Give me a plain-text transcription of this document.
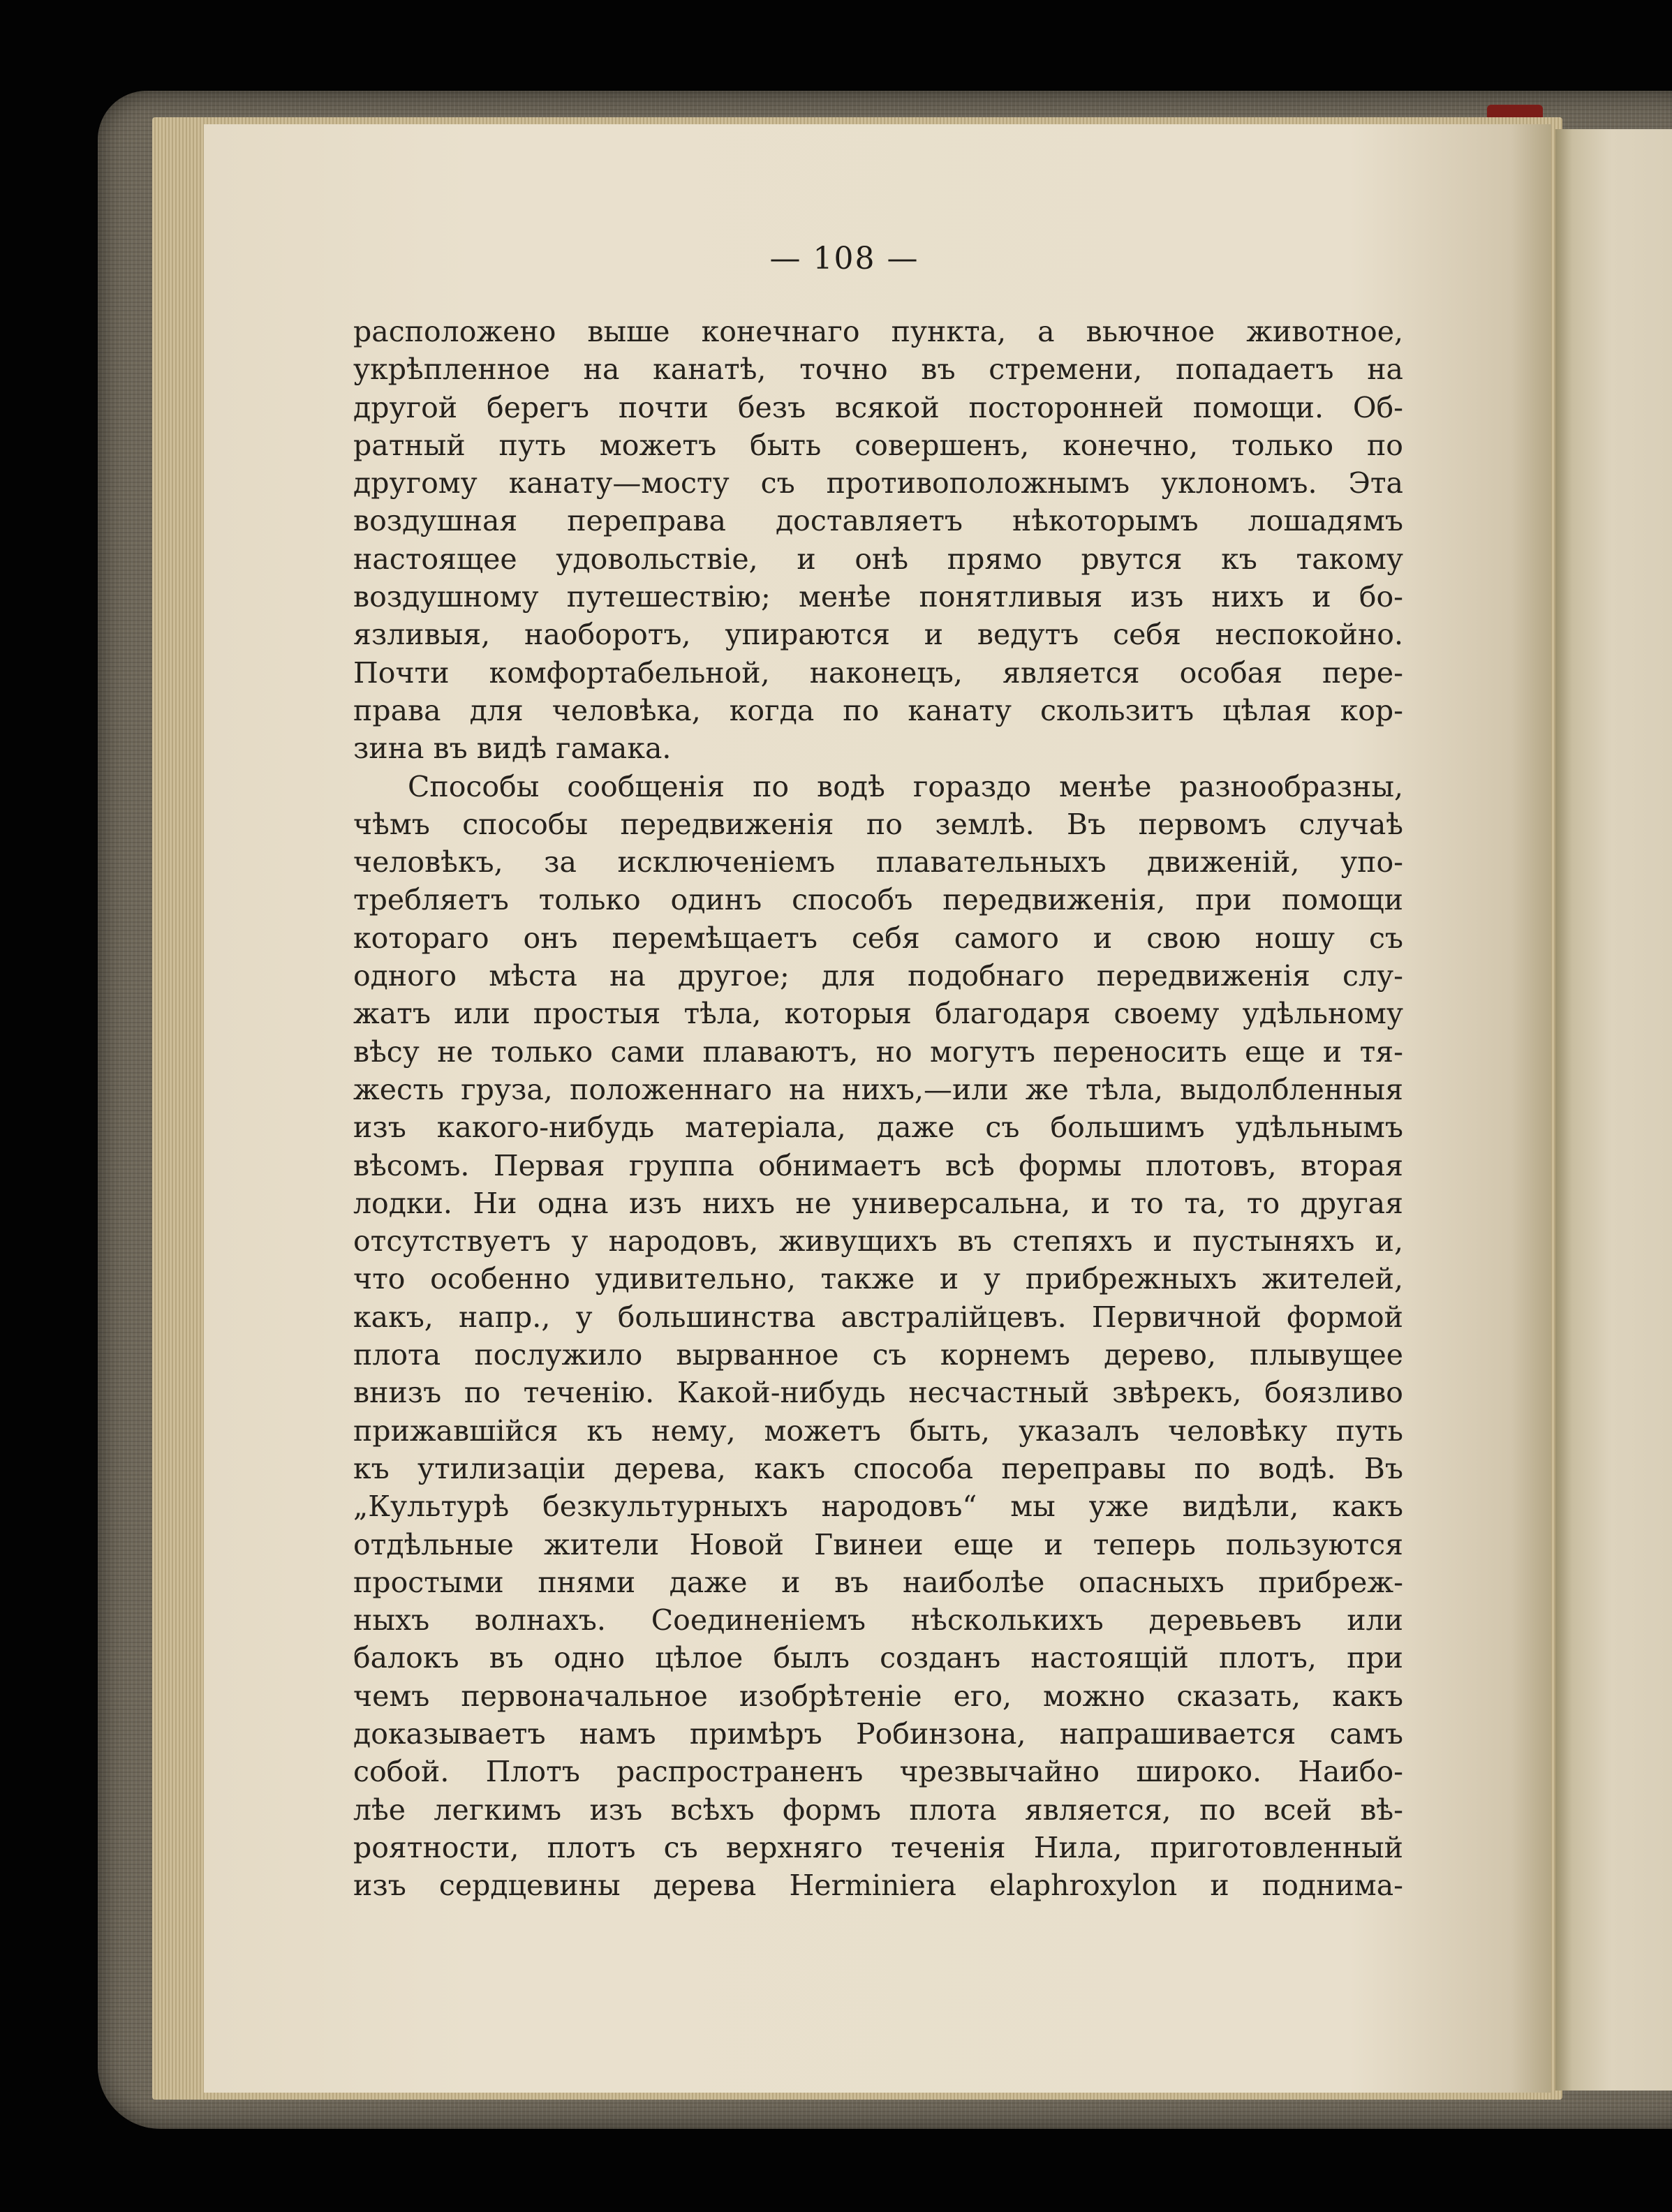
— 108 —
расположено выше конечнаго пункта, а вьючное животное,
укрѣпленное на канатѣ, точно въ стремени, попадаетъ на
другой берегъ почти безъ всякой посторонней помощи. Об-
ратный путь можетъ быть совершенъ, конечно, только по
другому канату—мосту съ противоположнымъ уклономъ. Эта
воздушная переправа доставляетъ нѣкоторымъ лошадямъ
настоящее удовольствіе, и онѣ прямо рвутся къ такому
воздушному путешествію; менѣе понятливыя изъ нихъ и бо-
язливыя, наоборотъ, упираются и ведутъ себя неспокойно.
Почти комфортабельной, наконецъ, является особая пере-
права для человѣка, когда по канату скользитъ цѣлая кор-
зина въ видѣ гамака.
Способы сообщенія по водѣ гораздо менѣе разнообразны,
чѣмъ способы передвиженія по землѣ. Въ первомъ случаѣ
человѣкъ, за исключеніемъ плавательныхъ движеній, упо-
требляетъ только одинъ способъ передвиженія, при помощи
котораго онъ перемѣщаетъ себя самого и свою ношу съ
одного мѣста на другое; для подобнаго передвиженія слу-
жатъ или простыя тѣла, которыя благодаря своему удѣльному
вѣсу не только сами плаваютъ, но могутъ переносить еще и тя-
жесть груза, положеннаго на нихъ,—или же тѣла, выдолбленныя
изъ какого-нибудь матеріала, даже съ большимъ удѣльнымъ
вѣсомъ. Первая группа обнимаетъ всѣ формы плотовъ, вторая
лодки. Ни одна изъ нихъ не универсальна, и то та, то другая
отсутствуетъ у народовъ, живущихъ въ степяхъ и пустыняхъ и,
что особенно удивительно, также и у прибрежныхъ жителей,
какъ, напр., у большинства австралійцевъ. Первичной формой
плота послужило вырванное съ корнемъ дерево, плывущее
внизъ по теченію. Какой-нибудь несчастный звѣрекъ, боязливо
прижавшійся къ нему, можетъ быть, указалъ человѣку путь
къ утилизаціи дерева, какъ способа переправы по водѣ. Въ
„Культурѣ безкультурныхъ народовъ“ мы уже видѣли, какъ
отдѣльные жители Новой Гвинеи еще и теперь пользуются
простыми пнями даже и въ наиболѣе опасныхъ прибреж-
ныхъ волнахъ. Соединеніемъ нѣсколькихъ деревьевъ или
балокъ въ одно цѣлое былъ созданъ настоящій плотъ, при
чемъ первоначальное изобрѣтеніе его, можно сказать, какъ
доказываетъ намъ примѣръ Робинзона, напрашивается самъ
собой. Плотъ распространенъ чрезвычайно широко. Наибо-
лѣе легкимъ изъ всѣхъ формъ плота является, по всей вѣ-
роятности, плотъ съ верхняго теченія Нила, приготовленный
изъ сердцевины дерева Herminiera elaphroxylon и поднима-
